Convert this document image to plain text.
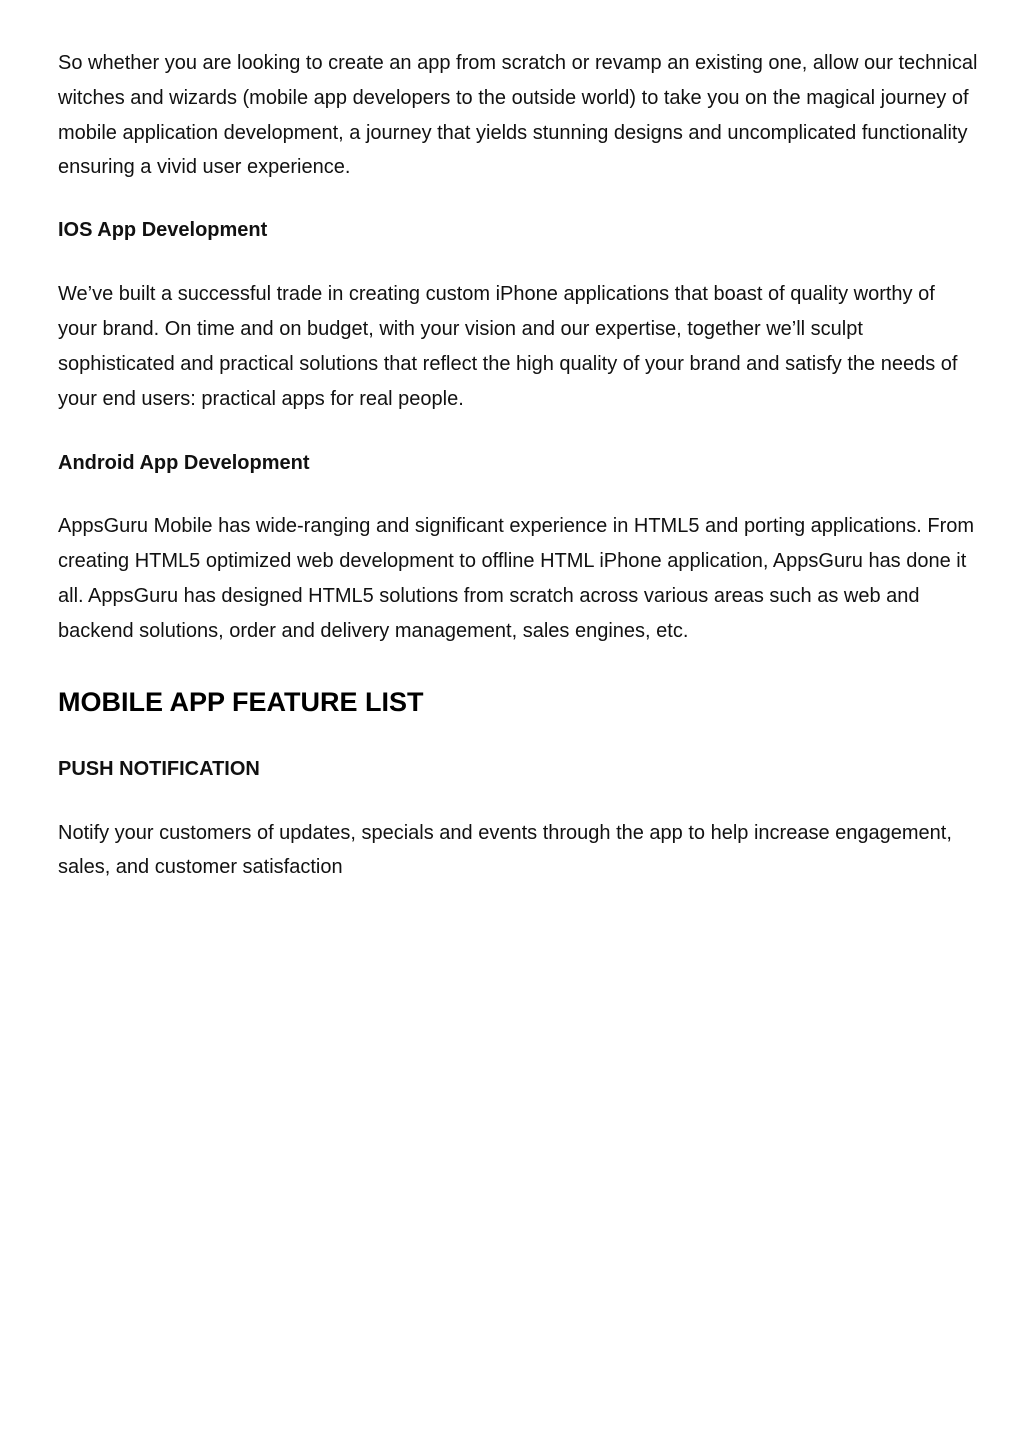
So whether you are looking to create an app from scratch or revamp an existing one, allow our technical witches and wizards (mobile app developers to the outside world) to take you on the magical journey of mobile application development, a journey that yields stunning designs and uncomplicated functionality ensuring a vivid user experience.

IOS App Development

We’ve built a successful trade in creating custom iPhone applications that boast of quality worthy of your brand. On time and on budget, with your vision and our expertise, together we’ll sculpt sophisticated and practical solutions that reflect the high quality of your brand and satisfy the needs of your end users: practical apps for real people.

Android App Development

AppsGuru Mobile has wide-ranging and significant experience in HTML5 and porting applications. From creating HTML5 optimized web development to offline HTML iPhone application, AppsGuru has done it all. AppsGuru has designed HTML5 solutions from scratch across various areas such as web and backend solutions, order and delivery management, sales engines, etc.

MOBILE APP FEATURE LIST
PUSH NOTIFICATION

Notify your customers of updates, specials and events through the app to help increase engagement, sales, and customer satisfaction
